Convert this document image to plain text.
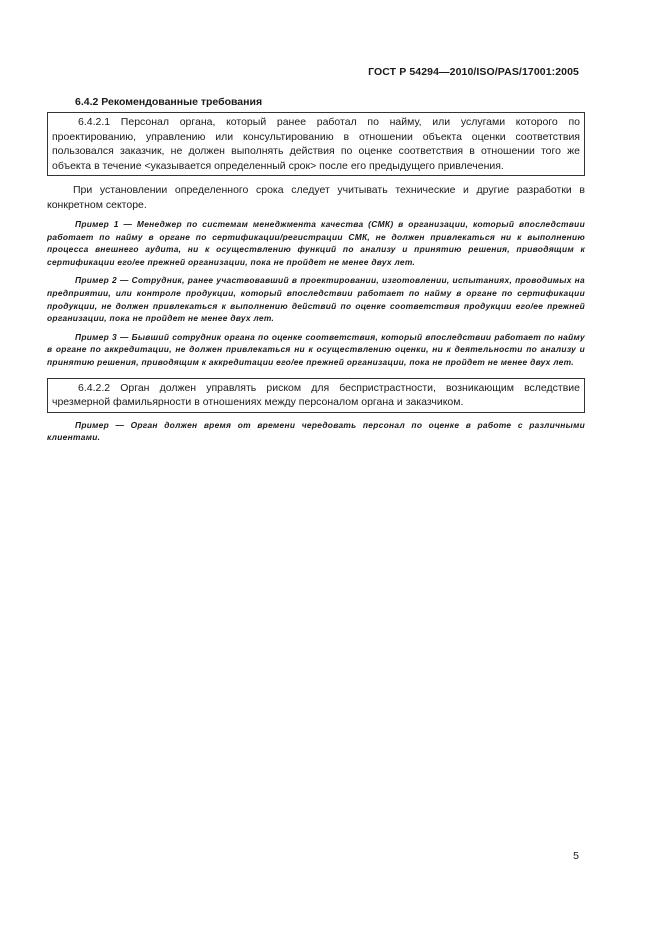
ГОСТ Р 54294—2010/ISO/PAS/17001:2005
6.4.2 Рекомендованные требования

6.4.2.1 Персонал органа, который ранее работал по найму, или услугами которого по проектированию, управлению или консультированию в отношении объекта оценки соответствия пользовался заказчик, не должен выполнять действия по оценке соответствия в отношении того же объекта в течение <указывается определенный срок> после его предыдущего привлечения.

При установлении определенного срока следует учитывать технические и другие разработки в конкретном секторе.

Пример 1 — Менеджер по системам менеджмента качества (СМК) в организации, который впоследствии работает по найму в органе по сертификации/регистрации СМК, не должен привлекаться ни к выполнению процесса внешнего аудита, ни к осуществлению функций по анализу и принятию решения, приводящим к сертификации его/ее прежней организации, пока не пройдет не менее двух лет.

Пример 2 — Сотрудник, ранее участвовавший в проектировании, изготовлении, испытаниях, проводимых на предприятии, или контроле продукции, который впоследствии работает по найму в органе по сертификации продукции, не должен привлекаться к выполнению действий по оценке соответствия продукции его/ее прежней организации, пока не пройдет не менее двух лет.

Пример 3 — Бывший сотрудник органа по оценке соответствия, который впоследствии работает по найму в органе по аккредитации, не должен привлекаться ни к осуществлению оценки, ни к деятельности по анализу и принятию решения, приводящим к аккредитации его/ее прежней организации, пока не пройдет не менее двух лет.

6.4.2.2 Орган должен управлять риском для беспристрастности, возникающим вследствие чрезмерной фамильярности в отношениях между персоналом органа и заказчиком.

Пример — Орган должен время от времени чередовать персонал по оценке в работе с различными клиентами.

5
